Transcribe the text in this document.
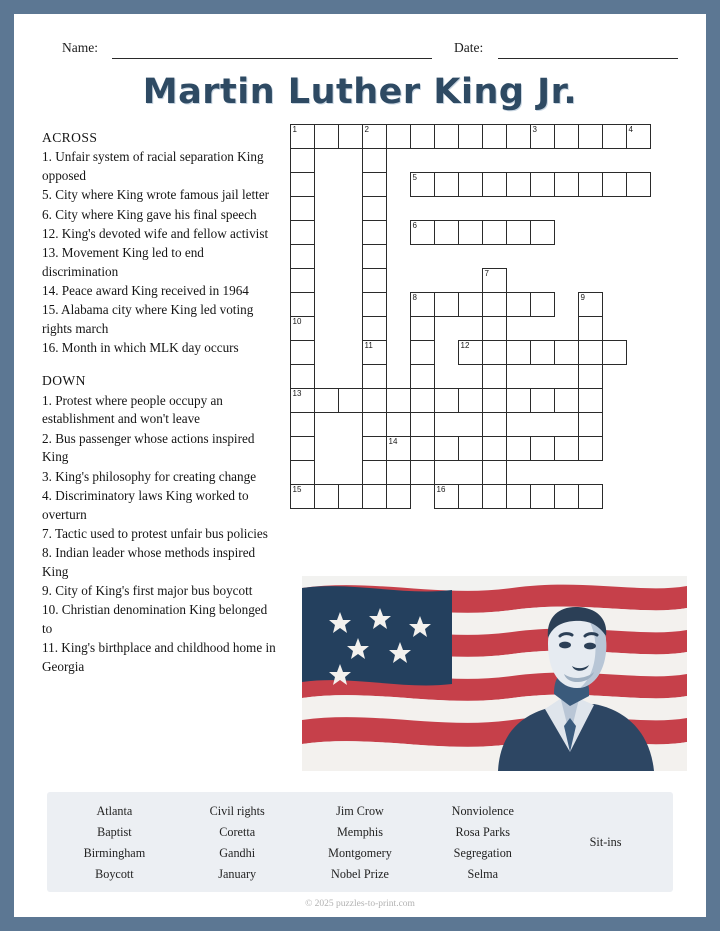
Name:	Date:
Martin Luther King Jr.
ACROSS
1. Unfair system of racial separation King opposed
5. City where King wrote famous jail letter
6. City where King gave his final speech
12. King's devoted wife and fellow activist
13. Movement King led to end discrimination
14. Peace award King received in 1964
15. Alabama city where King led voting rights march
16. Month in which MLK day occurs
DOWN
1. Protest where people occupy an establishment and won't leave
2. Bus passenger whose actions inspired King
3. King's philosophy for creating change
4. Discriminatory laws King worked to overturn
7. Tactic used to protest unfair bus policies
8. Indian leader whose methods inspired King
9. City of King's first major bus boycott
10. Christian denomination King belonged to
11. King's birthplace and childhood home in Georgia
1	2	3	4
5
6
7
8	9
10
11	12
13
14
15	16
Atlanta
Baptist
Birmingham
Boycott
Civil rights
Coretta
Gandhi
January
Jim Crow
Memphis
Montgomery
Nobel Prize
Nonviolence
Rosa Parks
Segregation
Selma
Sit-ins
© 2025 puzzles-to-print.com
